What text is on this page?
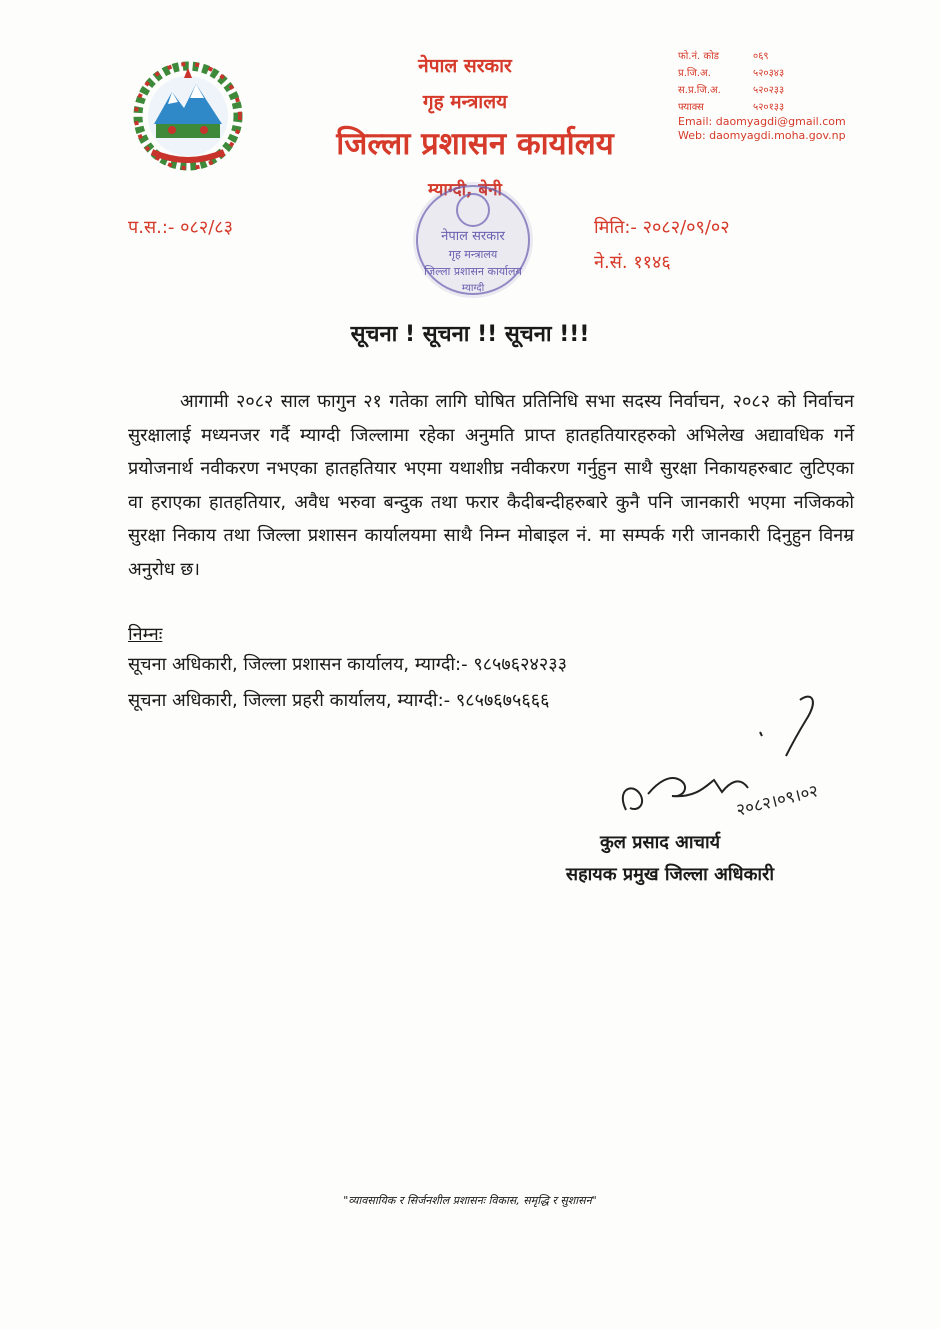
नेपाल सरकार
गृह मन्त्रालय
जिल्ला प्रशासन कार्यालय
म्याग्दी, बेनी
फो.नं. कोड	०६९
प्र.जि.अ.	५२०३४३
स.प्र.जि.अ.	५२०२३३
फ्याक्स	५२०१३३
Email: daomyagdi@gmail.com
Web: daomyagdi.moha.gov.np
प.स.:- ०८२/८३	मिति:- २०८२/०९/०२
ने.सं. ११४६
नेपाल सरकार
गृह मन्त्रालय
जिल्ला प्रशासन कार्यालय
म्याग्दी
सूचना ! सूचना !! सूचना !!!
आगामी २०८२ साल फागुन २१ गतेका लागि घोषित प्रतिनिधि सभा सदस्य निर्वाचन, २०८२ को निर्वाचन सुरक्षालाई मध्यनजर गर्दै म्याग्दी जिल्लामा रहेका अनुमति प्राप्त हातहतियारहरुको अभिलेख अद्यावधिक गर्ने प्रयोजनार्थ नवीकरण नभएका हातहतियार भएमा यथाशीघ्र नवीकरण गर्नुहुन साथै सुरक्षा निकायहरुबाट लुटिएका वा हराएका हातहतियार, अवैध भरुवा बन्दुक तथा फरार कैदीबन्दीहरुबारे कुनै पनि जानकारी भएमा नजिकको सुरक्षा निकाय तथा जिल्ला प्रशासन कार्यालयमा साथै निम्न मोबाइल नं. मा सम्पर्क गरी जानकारी दिनुहुन विनम्र अनुरोध छ।
निम्नः
सूचना अधिकारी, जिल्ला प्रशासन कार्यालय, म्याग्दी:- ९८५७६२४२३३
सूचना अधिकारी, जिल्ला प्रहरी कार्यालय, म्याग्दी:- ९८५७६७५६६६
२०८२।०९।०२
कुल प्रसाद आचार्य
सहायक प्रमुख जिल्ला अधिकारी
"व्यावसायिक र सिर्जनशील प्रशासनः विकास, समृद्धि र सुशासन"
